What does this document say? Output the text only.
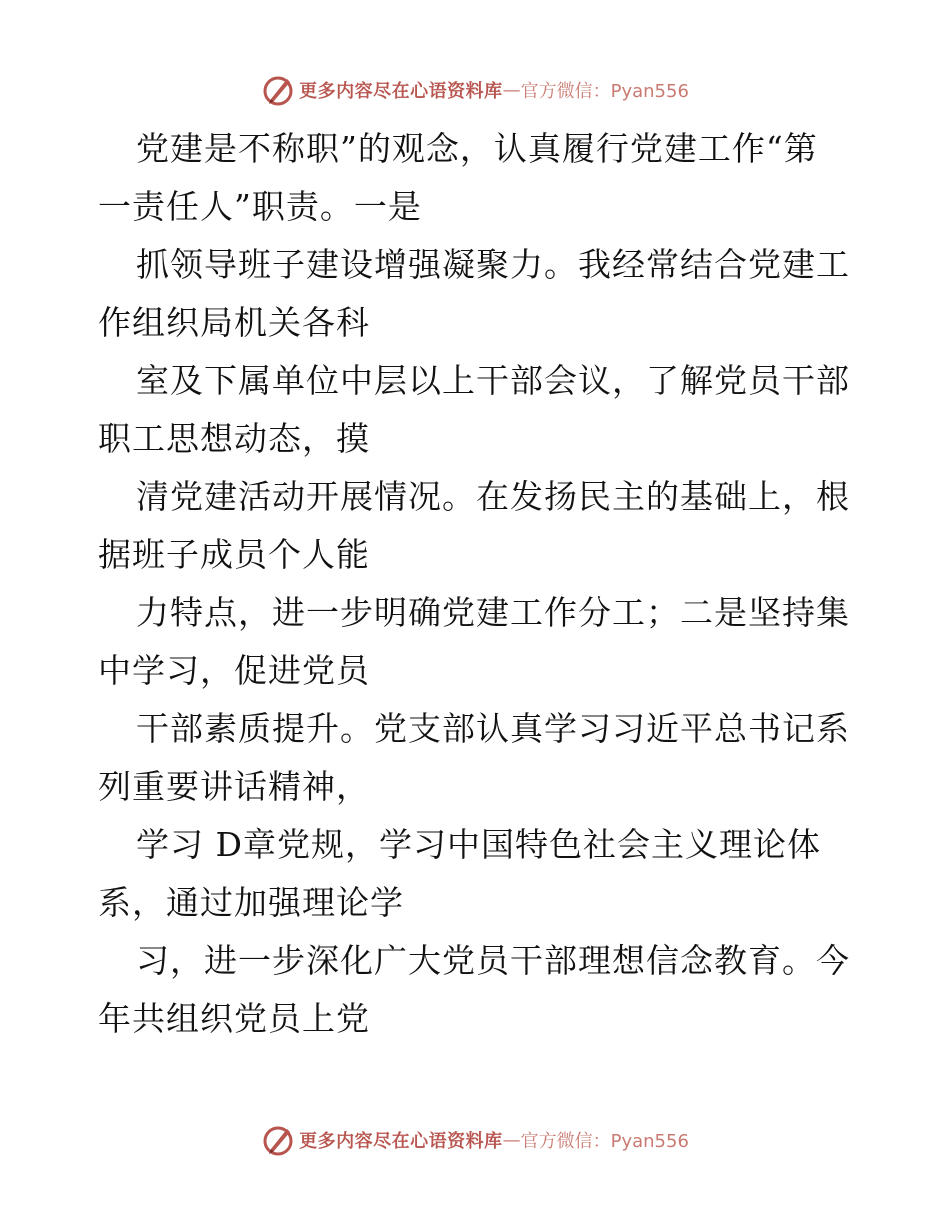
更多内容尽在心语资料库 — 官方微信：Pyan556
党建是不称职”的观念，认真履行党建工作“第
一责任人”职责。一是
抓领导班子建设增强凝聚力。我经常结合党建工
作组织局机关各科
室及下属单位中层以上干部会议，了解党员干部
职工思想动态，摸
清党建活动开展情况。在发扬民主的基础上，根
据班子成员个人能
力特点，进一步明确党建工作分工；二是坚持集
中学习，促进党员
干部素质提升。党支部认真学习习近平总书记系
列重要讲话精神，
学习 D章党规，学习中国特色社会主义理论体
系，通过加强理论学
习，进一步深化广大党员干部理想信念教育。今
年共组织党员上党
更多内容尽在心语资料库 — 官方微信：Pyan556
